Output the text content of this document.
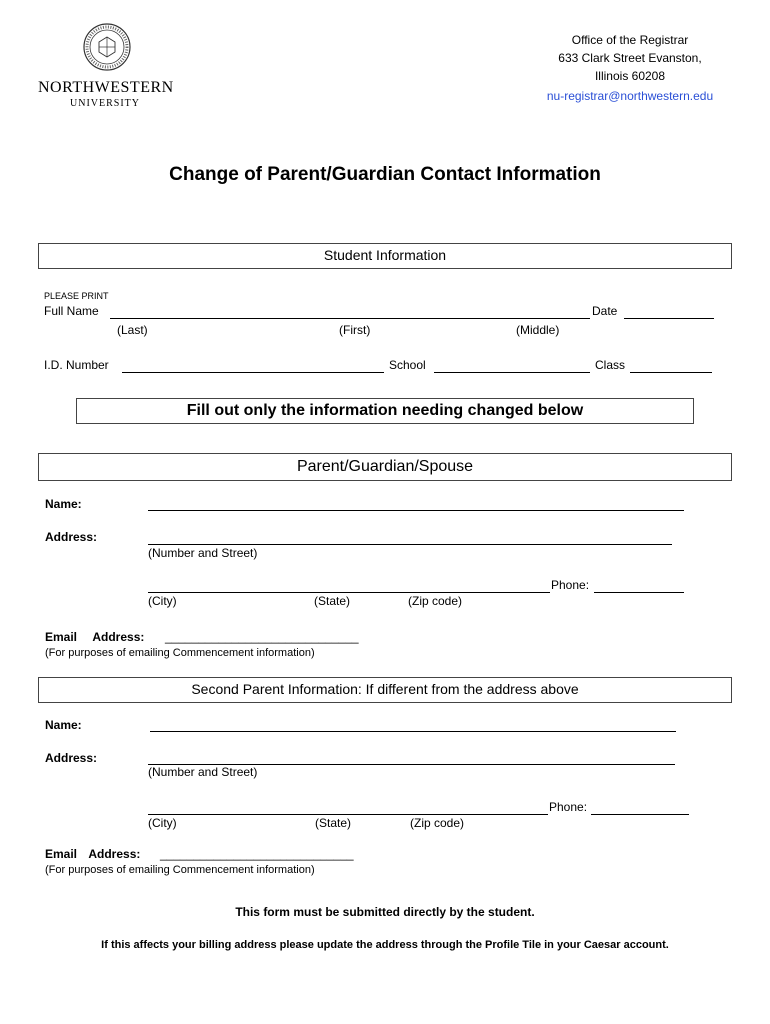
NORTHWESTERN
UNIVERSITY
Office of the Registrar
633 Clark Street Evanston,
Illinois 60208
nu-registrar@northwestern.edu
Change of Parent/Guardian Contact Information
Student Information
PLEASE PRINT
Full Name	Date
(Last)	(First)	(Middle)
I.D. Number	School	Class
Fill out only the information needing changed below
Parent/Guardian/Spouse
Name:
Address:
(Number and Street)
Phone:
(City)	(State)	(Zip code)
Email Address: _____________________________
(For purposes of emailing Commencement information)
Second Parent Information: If different from the address above
Name:
Address:
(Number and Street)
Phone:
(City)	(State)	(Zip code)
Email Address: _____________________________
(For purposes of emailing Commencement information)
This form must be submitted directly by the student.
If this affects your billing address please update the address through the Profile Tile in your Caesar account.
